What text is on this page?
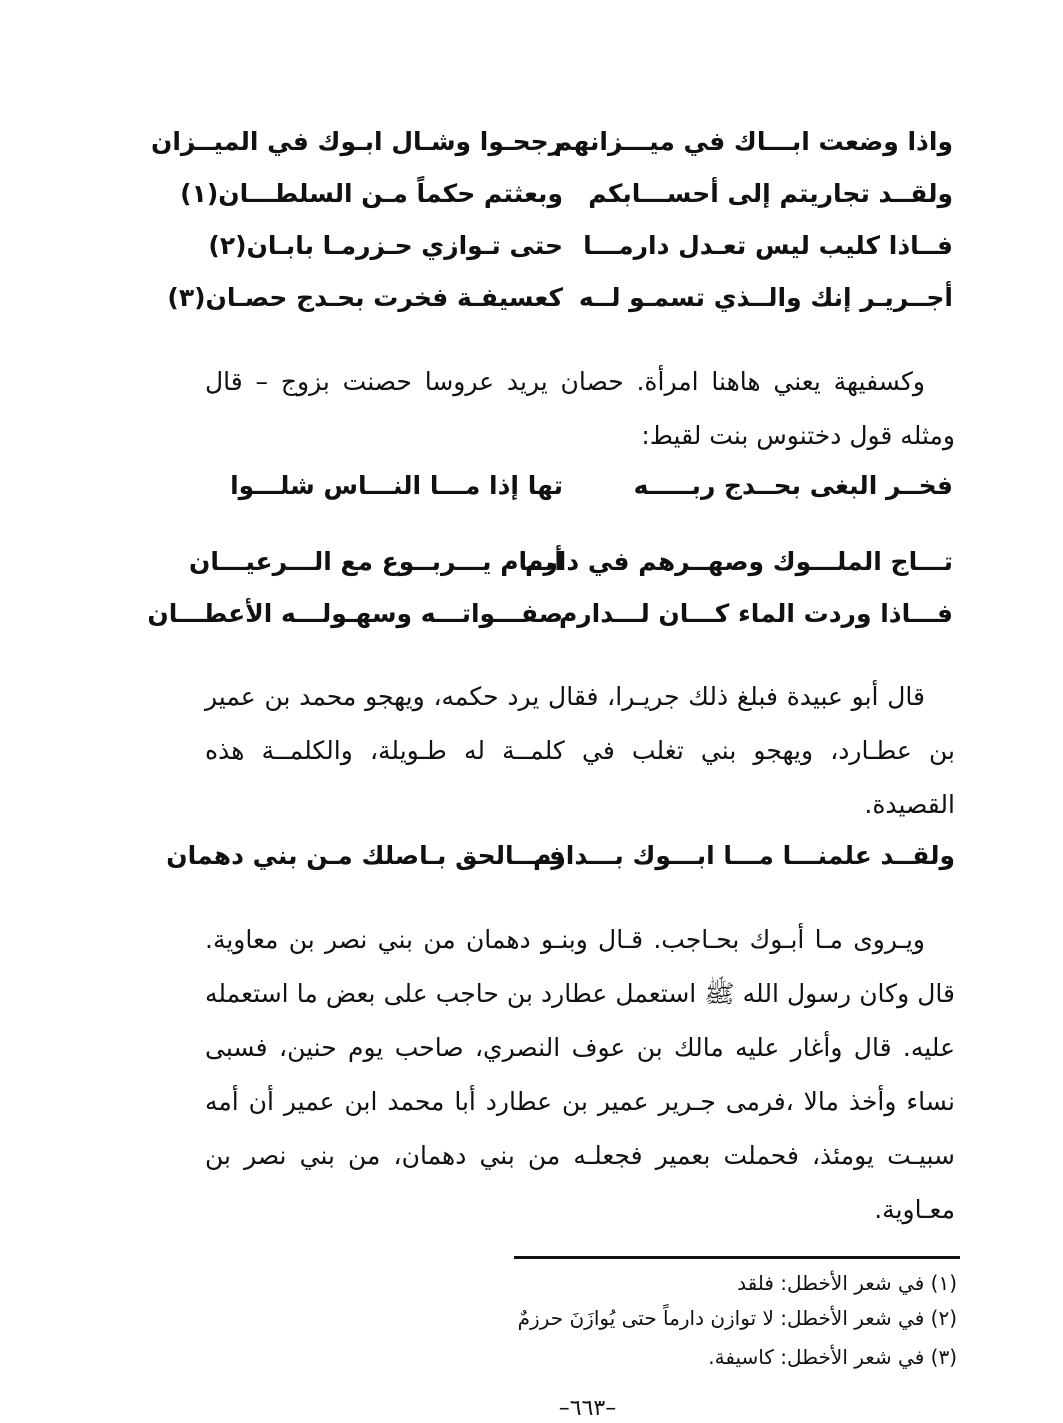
واذا وضعت ابـــاك في ميـــزانهم
رجحـوا وشـال ابـوك في الميــزان
ولقــد تجاريتم إلى أحســـابكم
وبعثتم حكماً مـن السلطـــان(١)
فــاذا كليب ليس تعـدل دارمـــا
حتى تـوازي حـزرمـا بابـان(٢)
أجــريـر إنك والــذي تسمـو لــه
كعسيفـة فخرت بحـدج حصـان(٣)
وكسفيهة يعني هاهنا امرأة. حصان يريد عروسا حصنت بزوج – قال ومثله قول دختنوس بنت لقيط:
فخــر البغى بحــدج ربـــــه
تها إذا مـــا النـــاس شلـــوا
تـــاج الملـــوك وصهــرهم في دارم
أيــام يـــربــوع مع الـــرعيـــان
فـــاذا وردت الماء كـــان لـــدارم
صفـــواتـــه وسهـولـــه الأعطـــان
قال أبو عبيدة فبلغ ذلك جريـرا، فقال يرد حكمه، ويهجو محمد بن عمير بن عطـارد، ويهجو بني تغلب في كلمــة له طـويلة، والكلمــة هذه القصيدة.
ولقــد علمنـــا مـــا ابـــوك بـــدارم
فــــالحق بـاصلك مـن بني دهمان
ويـروى مـا أبـوك بحـاجب. قـال وبنـو دهمان من بني نصر بن معاوية. قال وكان رسول الله ﷺ استعمل عطارد بن حاجب على بعض ما استعمله عليه. قال وأغار عليه مالك بن عوف النصري، صاحب يوم حنين، فسبى نساء وأخذ مالا ،فرمى جـرير عمير بن عطارد أبا محمد ابن عمير أن أمه سبيـت يومئذ، فحملت بعمير فجعلـه من بني دهمان، من بني نصر بن معـاوية.
(١) في شعر الأخطل: فلقد
(٢) في شعر الأخطل: لا توازن دارماً حتى يُوازَنَ حرزمٌ
(٣) في شعر الأخطل: كاسيفة.
–٦٦٣–
